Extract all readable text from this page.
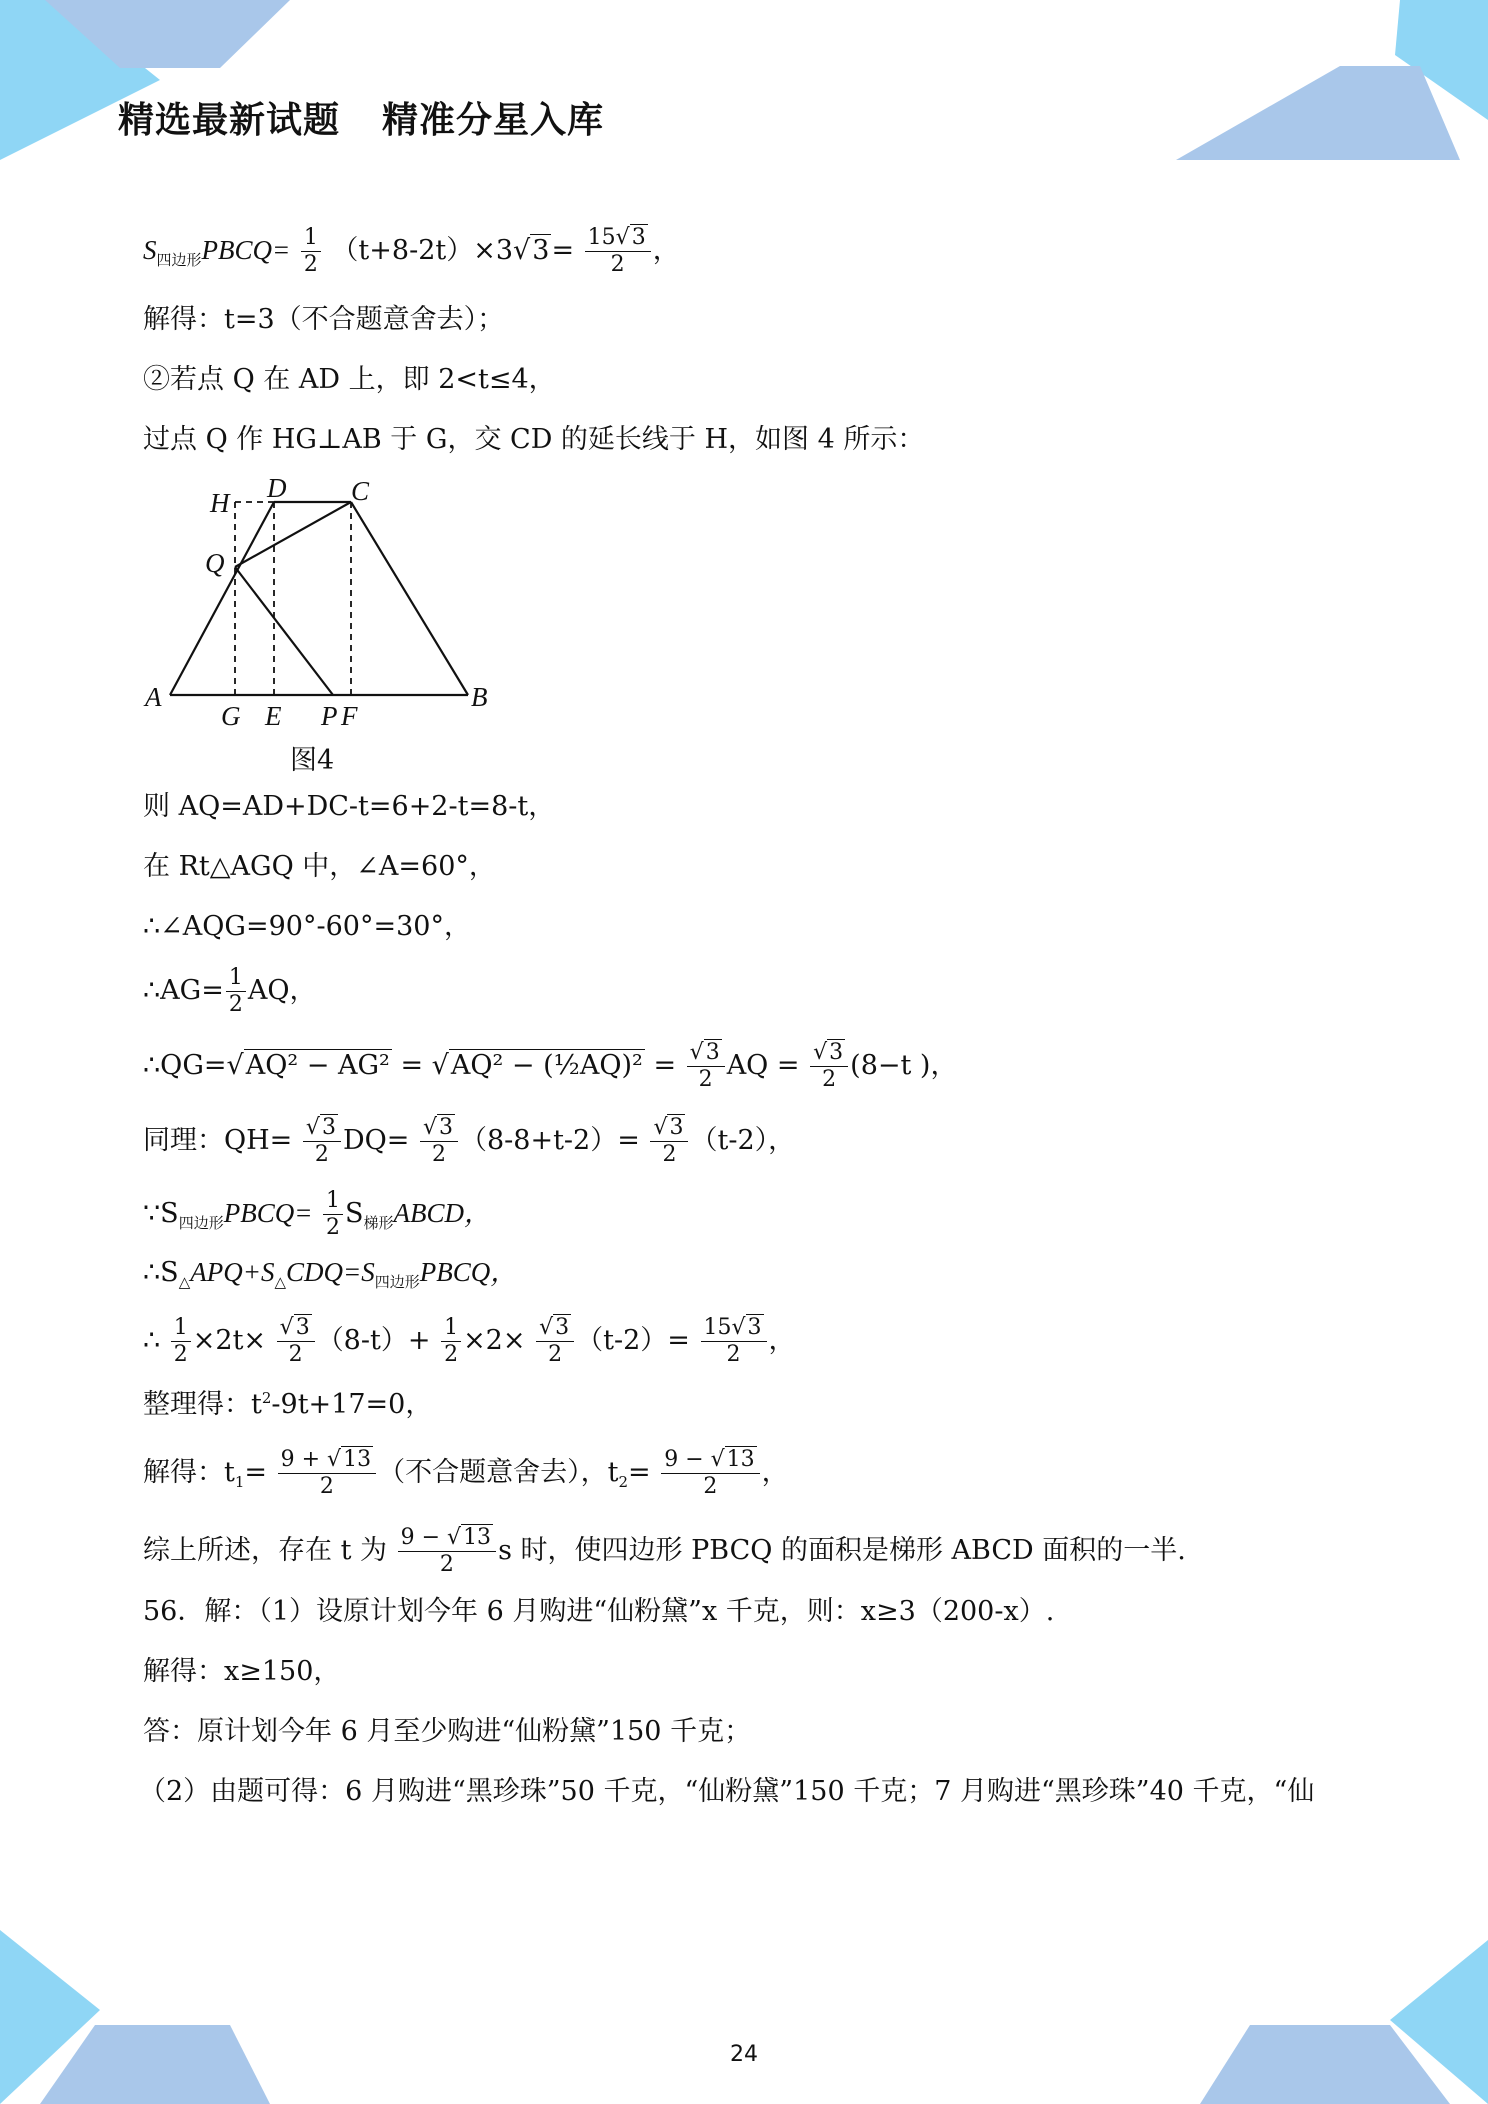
精选最新试题 精准分星入库
$S_{四边形}PBCQ= \frac{1}{2} (t+8-2t)\times 3√3= \frac{15√3}{2}$ ，
解得：t=3（不合题意舍去）；
②若点 Q 在 AD 上，即 2<t≤4，
过点 Q 作 HG⊥AB 于 G，交 CD 的延长线于 H，如图 4 所示：
则 AQ=AD+DC-t=6+2-t=8-t，
在 Rt△AGQ 中，∠A=60°，
∴∠AQG=90°-60°=30°，
∴AG= $\frac{1}{2}$ AQ，
∴QG=√AQ² − AG² = √AQ² − (½AQ)² = $\frac{√3}{2}$ AQ = $\frac{√3}{2} (8-t$ )，
同理：$QH= \frac{√3}{2} DQ= \frac{√3}{2} (8-8+t-2)= \frac{√3}{2} (t-2)$，
$\because S_{四边形}PBCQ= \frac{1}{2}$ $S_{梯形}ABCD$，
$\therefore S_\triangle APQ+S_\triangle CDQ=S_{四边形}PBCQ$，
∴ $\frac{1}{2} \times 2t\times \frac{√3}{2} (8-t)+ \frac{1}{2} \times 2\times \frac{√3}{2} (t-2)= \frac{15√3}{2}$ ，
整理得：$t^2-9t+17=0$，
解得：$t_1= \frac{9 + √13}{2}$ （不合题意舍去），$t_2= \frac{9 - √13}{2}$ ，
综上所述，存在 t 为 $\frac{9 - √13}{2}$ s 时，使四边形 PBCQ 的面积是梯形 ABCD 面积的一半.
56．解：（1）设原计划今年 6 月购进“仙粉黛”x 千克，则：x≥3（200-x）.
解得：x≥150，
答：原计划今年 6 月至少购进“仙粉黛”150 千克；
（2）由题可得：6 月购进“黑珍珠”50 千克，“仙粉黛”150 千克；7 月购进“黑珍珠”40 千克，“仙
H D C
Q
A
G E P F
B
图4
24
